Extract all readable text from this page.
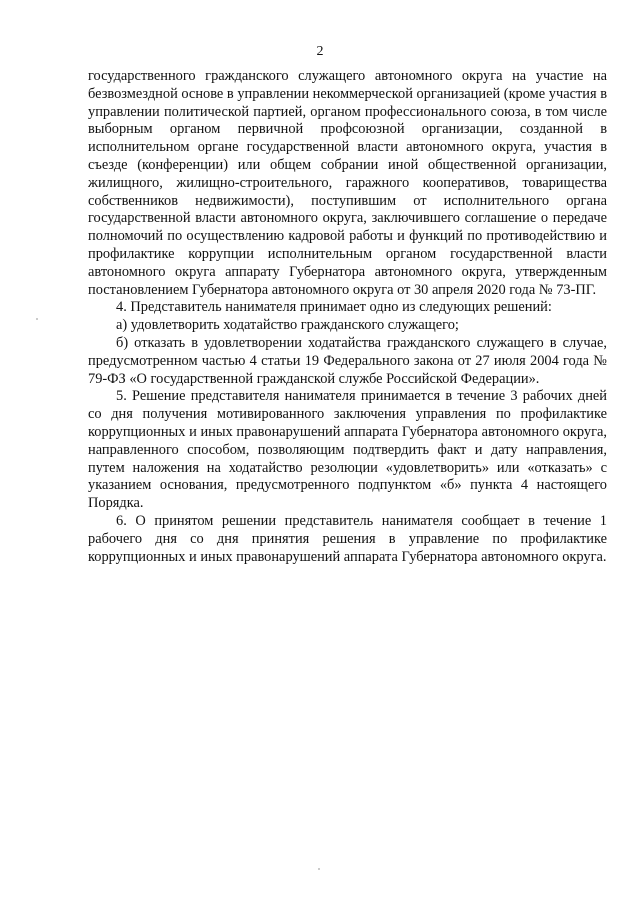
2

государственного гражданского служащего автономного округа на участие на безвозмездной основе в управлении некоммерческой организацией (кроме участия в управлении политической партией, органом профессионального союза, в том числе выборным органом первичной профсоюзной организации, созданной в исполнительном органе государственной власти автономного округа, участия в съезде (конференции) или общем собрании иной общественной организации, жилищного, жилищно-строительного, гаражного кооперативов, товарищества собственников недвижимости), поступившим от исполнительного органа государственной власти автономного округа, заключившего соглашение о передаче полномочий по осуществлению кадровой работы и функций по противодействию и профилактике коррупции исполнительным органом государственной власти автономного округа аппарату Губернатора автономного округа, утвержденным постановлением Губернатора автономного округа от 30 апреля 2020 года № 73-ПГ.

4. Представитель нанимателя принимает одно из следующих решений:

а) удовлетворить ходатайство гражданского служащего;

б) отказать в удовлетворении ходатайства гражданского служащего в случае, предусмотренном частью 4 статьи 19 Федерального закона от 27 июля 2004 года № 79-ФЗ «О государственной гражданской службе Российской Федерации».

5. Решение представителя нанимателя принимается в течение 3 рабочих дней со дня получения мотивированного заключения управления по профилактике коррупционных и иных правонарушений аппарата Губернатора автономного округа, направленного способом, позволяющим подтвердить факт и дату направления, путем наложения на ходатайство резолюции «удовлетворить» или «отказать» с указанием основания, предусмотренного подпунктом «б» пункта 4 настоящего Порядка.

6. О принятом решении представитель нанимателя сообщает в течение 1 рабочего дня со дня принятия решения в управление по профилактике коррупционных и иных правонарушений аппарата Губернатора автономного округа.
